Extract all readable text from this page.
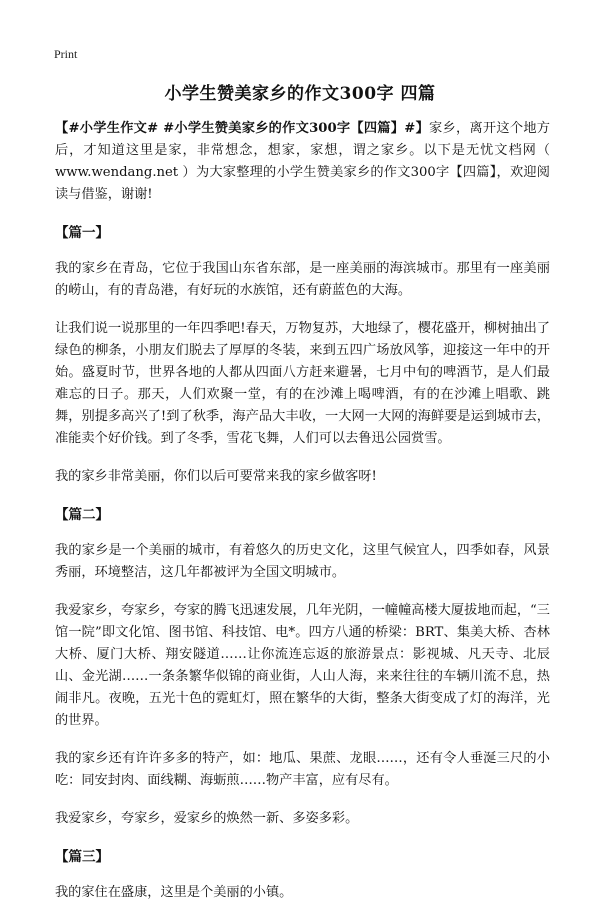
Print
小学生赞美家乡的作文300字 四篇

【#小学生作文# #小学生赞美家乡的作文300字【四篇】#】家乡，离开这个地方后，才知道这里是家，非常想念，想家，家想，谓之家乡。以下是无忧文档网（ www.wendang.net ）为大家整理的小学生赞美家乡的作文300字【四篇】，欢迎阅读与借鉴，谢谢!

【篇一】

我的家乡在青岛，它位于我国山东省东部，是一座美丽的海滨城市。那里有一座美丽的崂山，有的青岛港，有好玩的水族馆，还有蔚蓝色的大海。

让我们说一说那里的一年四季吧!春天，万物复苏，大地绿了，樱花盛开，柳树抽出了绿色的柳条，小朋友们脱去了厚厚的冬装，来到五四广场放风筝，迎接这一年中的开始。盛夏时节，世界各地的人都从四面八方赶来避暑，七月中旬的啤酒节，是人们最难忘的日子。那天，人们欢聚一堂，有的在沙滩上喝啤酒，有的在沙滩上唱歌、跳舞，别提多高兴了!到了秋季，海产品大丰收，一大网一大网的海鲜要是运到城市去，准能卖个好价钱。到了冬季，雪花飞舞，人们可以去鲁迅公园赏雪。

我的家乡非常美丽，你们以后可要常来我的家乡做客呀!

【篇二】

我的家乡是一个美丽的城市，有着悠久的历史文化，这里气候宜人，四季如春，风景秀丽，环境整洁，这几年都被评为全国文明城市。

我爱家乡，夸家乡，夸家的腾飞迅速发展，几年光阴，一幢幢高楼大厦拔地而起，“三馆一院”即文化馆、图书馆、科技馆、电*。四方八通的桥梁：BRT、集美大桥、杏林大桥、厦门大桥、翔安隧道……让你流连忘返的旅游景点：影视城、凡天寺、北辰山、金光湖……一条条繁华似锦的商业街，人山人海，来来往往的车辆川流不息，热闹非凡。夜晚，五光十色的霓虹灯，照在繁华的大街，整条大街变成了灯的海洋，光的世界。

我的家乡还有许许多多的特产，如：地瓜、果蔗、龙眼……，还有令人垂涎三尺的小吃：同安封肉、面线糊、海蛎煎……物产丰富，应有尽有。

我爱家乡，夸家乡，爱家乡的焕然一新、多姿多彩。

【篇三】

我的家住在盛康，这里是个美丽的小镇。
